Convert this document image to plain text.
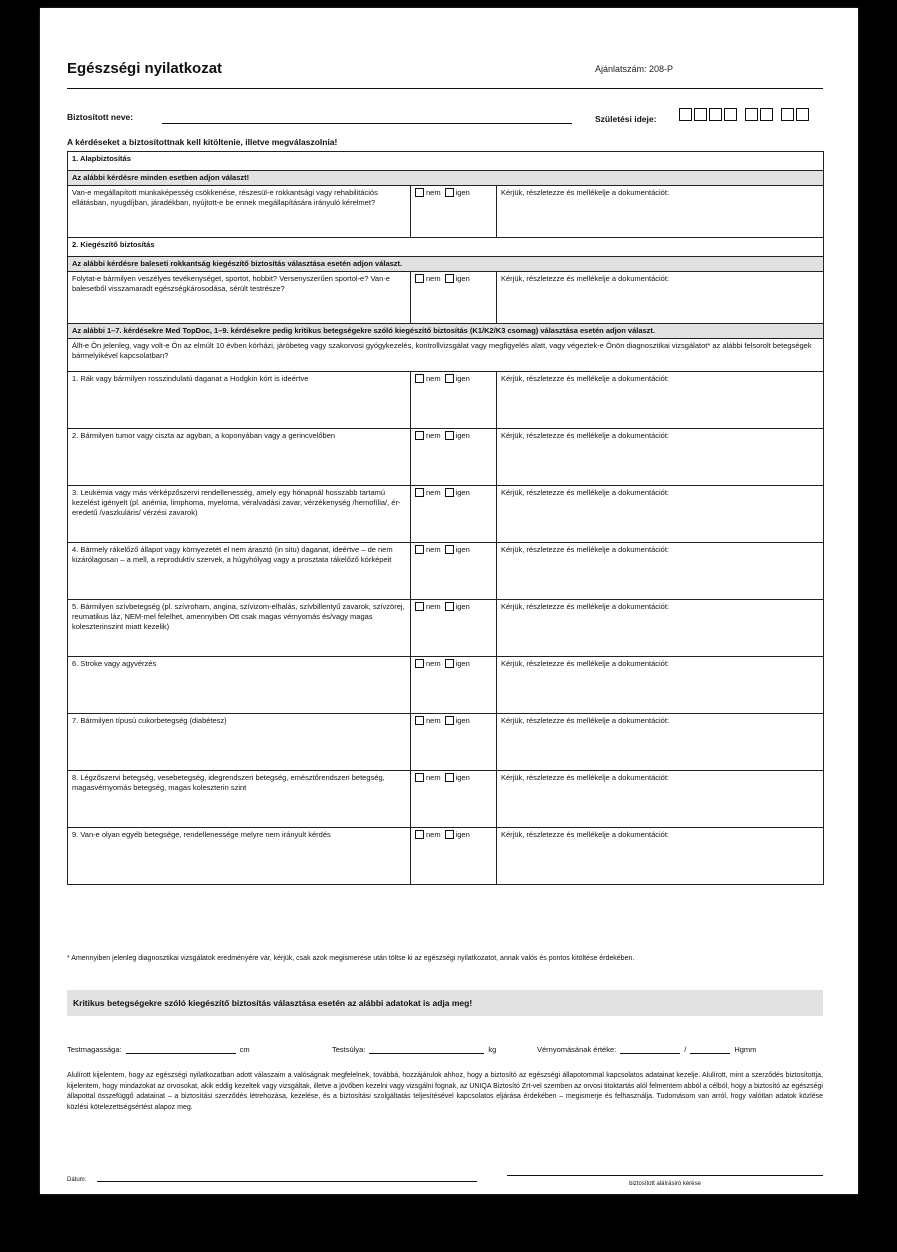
Egészségi nyilatkozat	Ajánlatszám: 208-P
Biztosított neve:	Születési ideje:
A kérdéseket a biztosítottnak kell kitöltenie, illetve megválaszolnia!
1. Alapbiztosítás		
Az alábbi kérdésre minden esetben adjon választ!		
Van-e megállapított munkaképesség csökkenése, részesül-e rokkantsági vagy rehabilitációs ellátásban, nyugdíjban, járadékban, nyújtott-e be ennek megállapítására irányuló kérelmet?	nem igen	Kérjük, részletezze és mellékelje a dokumentációt:
2. Kiegészítő biztosítás		
Az alábbi kérdésre baleseti rokkantság kiegészítő biztosítás választása esetén adjon választ.		
Folytat-e bármilyen veszélyes tevékenységet, sportot, hobbit? Versenyszerűen sportol-e? Van-e balesetből visszamaradt egészségkárosodása, sérült testrésze?	nem igen	Kérjük, részletezze és mellékelje a dokumentációt:
Az alábbi 1–7. kérdésekre Med TopDoc, 1–9. kérdésekre pedig kritikus betegségekre szóló kiegészítő biztosítás (K1/K2/K3 csomag) választása esetén adjon választ.		
Állt-e Ön jelenleg, vagy volt-e Ön az elmúlt 10 évben kórházi, járóbeteg vagy szakorvosi gyógykezelés, kontrollvizsgálat vagy megfigyelés alatt, vagy végeztek-e Önön diagnosztikai vizsgálatot* az alábbi felsorolt betegségek bármelyikével kapcsolatban?		
1. Rák vagy bármilyen rosszindulatú daganat a Hodgkin kórt is ideértve	nem igen	Kérjük, részletezze és mellékelje a dokumentációt:
2. Bármilyen tumor vagy ciszta az agyban, a koponyában vagy a gerincvelőben	nem igen	Kérjük, részletezze és mellékelje a dokumentációt:
3. Leukémia vagy más vérképzőszervi rendellenesség, amely egy hónapnál hosszabb tartamú kezelést igényelt (pl. anémia, limphoma, myeloma, véralvadási zavar, vérzékenység /hemofília/, ér-eredetű /vaszkuláris/ vérzési zavarok)	nem igen	Kérjük, részletezze és mellékelje a dokumentációt:
4. Bármely rákelőző állapot vagy környezetét el nem árasztó (in situ) daganat, ideértve – de nem kizárólagosan – a mell, a reproduktív szervek, a húgyhólyag vagy a prosztata rákelőző kórképeit	nem igen	Kérjük, részletezze és mellékelje a dokumentációt:
5. Bármilyen szívbetegség (pl. szívroham, angina, szívizom-elhalás, szívbillentyű zavarok, szívzörej, reumatikus láz, NEM-mel felelhet, amennyiben Ott csak magas vérnyomás és/vagy magas koleszterinszint miatt kezelik)	nem igen	Kérjük, részletezze és mellékelje a dokumentációt:
6. Stroke vagy agyvérzés	nem igen	Kérjük, részletezze és mellékelje a dokumentációt:
7. Bármilyen típusú cukorbetegség (diabétesz)	nem igen	Kérjük, részletezze és mellékelje a dokumentációt:
8. Légzőszervi betegség, vesebetegség, idegrendszeri betegség, emésztőrendszeri betegség, magasvérnyomás betegség, magas koleszterin szint	nem igen	Kérjük, részletezze és mellékelje a dokumentációt:
9. Van-e olyan egyéb betegsége, rendellenessége melyre nem irányult kérdés	nem igen	Kérjük, részletezze és mellékelje a dokumentációt:
* Amennyiben jelenleg diagnosztikai vizsgálatok eredményére vár, kérjük, csak azok megismerése után töltse ki az egészségi nyilatkozatot, annak valós és pontos kitöltése érdekében.
Kritikus betegségekre szóló kiegészítő biztosítás választása esetén az alábbi adatokat is adja meg!
Testmagassága:	cm	Testsúlya:	kg	Vérnyomásának értéke:	/	Hgmm
Alulírott kijelentem, hogy az egészségi nyilatkozatban adott válaszaim a valóságnak megfelelnek, továbbá, hozzájárulok ahhoz, hogy a biztosító az egészségi állapotommal kapcsolatos adatainat kezelje. Alulírott, mint a szerződés biztosítottja, kijelentem, hogy mindazokat az orvosokat, akik eddig kezeltek vagy vizsgáltak, illetve a jövőben kezelni vagy vizsgálni fognak, az UNIQA Biztosító Zrt-vel szemben az orvosi titoktartás alól felmentem abból a célból, hogy a biztosító az egészségi állapottal összefüggő adatainat – a biztosítási szerződés létrehozása, kezelése, és a biztosítási szolgáltatás teljesítésével kapcsolatos eljárása érdekében – megismerje és felhasználja. Tudomásom van arról, hogy valótlan adatok közlése közlési kötelezettségsértést alapoz meg.
Dátum:
biztosított aláírásiró kérése
